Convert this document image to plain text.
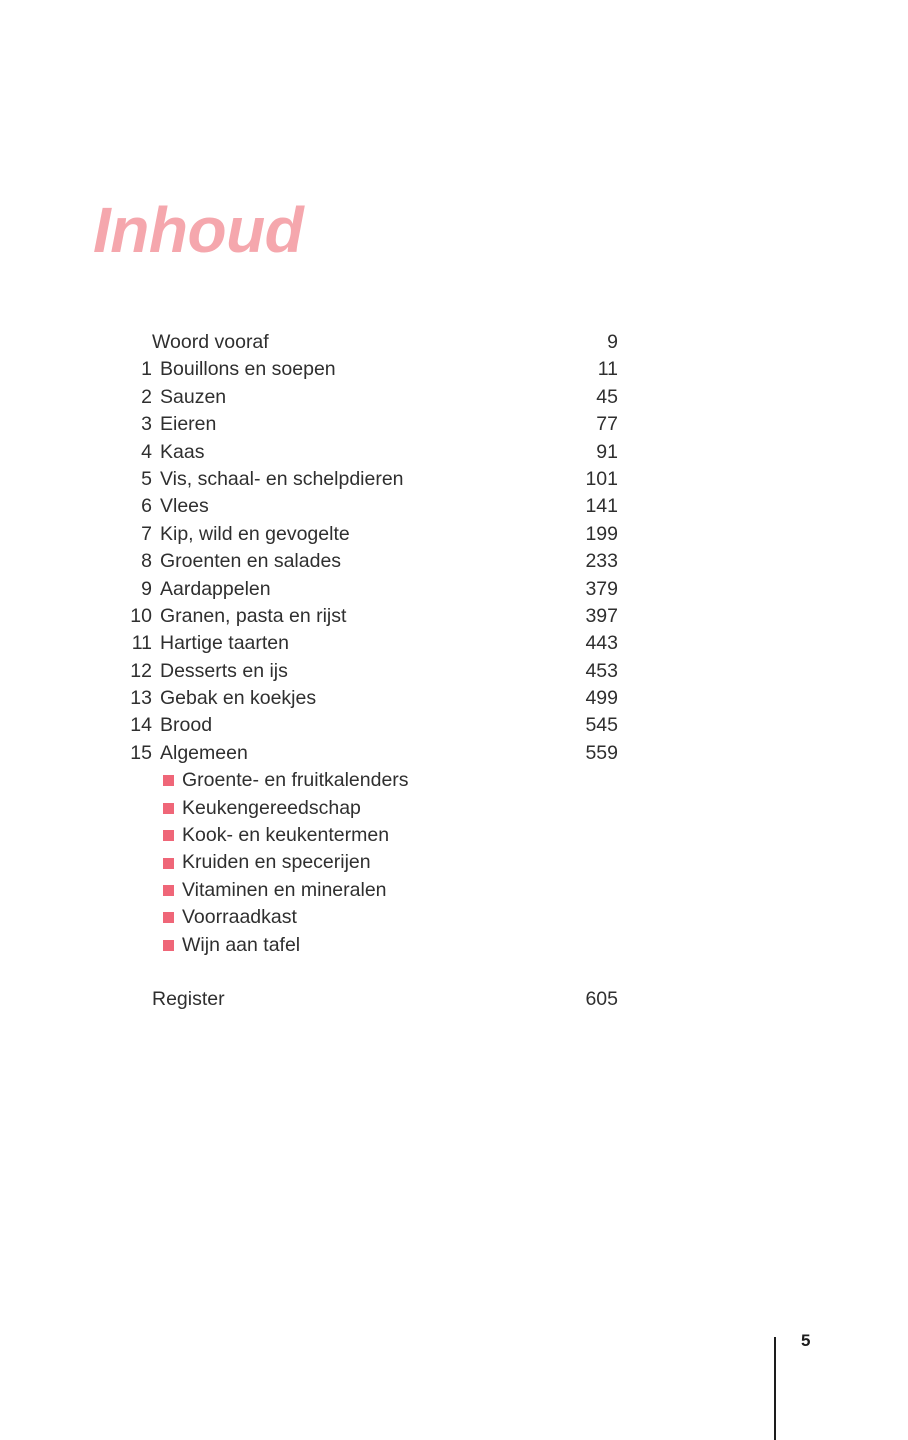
Inhoud
Woord vooraf	9
1 Bouillons en soepen	11
2 Sauzen	45
3 Eieren	77
4 Kaas	91
5 Vis, schaal- en schelpdieren	101
6 Vlees	141
7 Kip, wild en gevogelte	199
8 Groenten en salades	233
9 Aardappelen	379
10 Granen, pasta en rijst	397
11 Hartige taarten	443
12 Desserts en ijs	453
13 Gebak en koekjes	499
14 Brood	545
15 Algemeen	559
Groente- en fruitkalenders
Keukengereedschap
Kook- en keukentermen
Kruiden en specerijen
Vitaminen en mineralen
Voorraadkast
Wijn aan tafel
Register	605
5
